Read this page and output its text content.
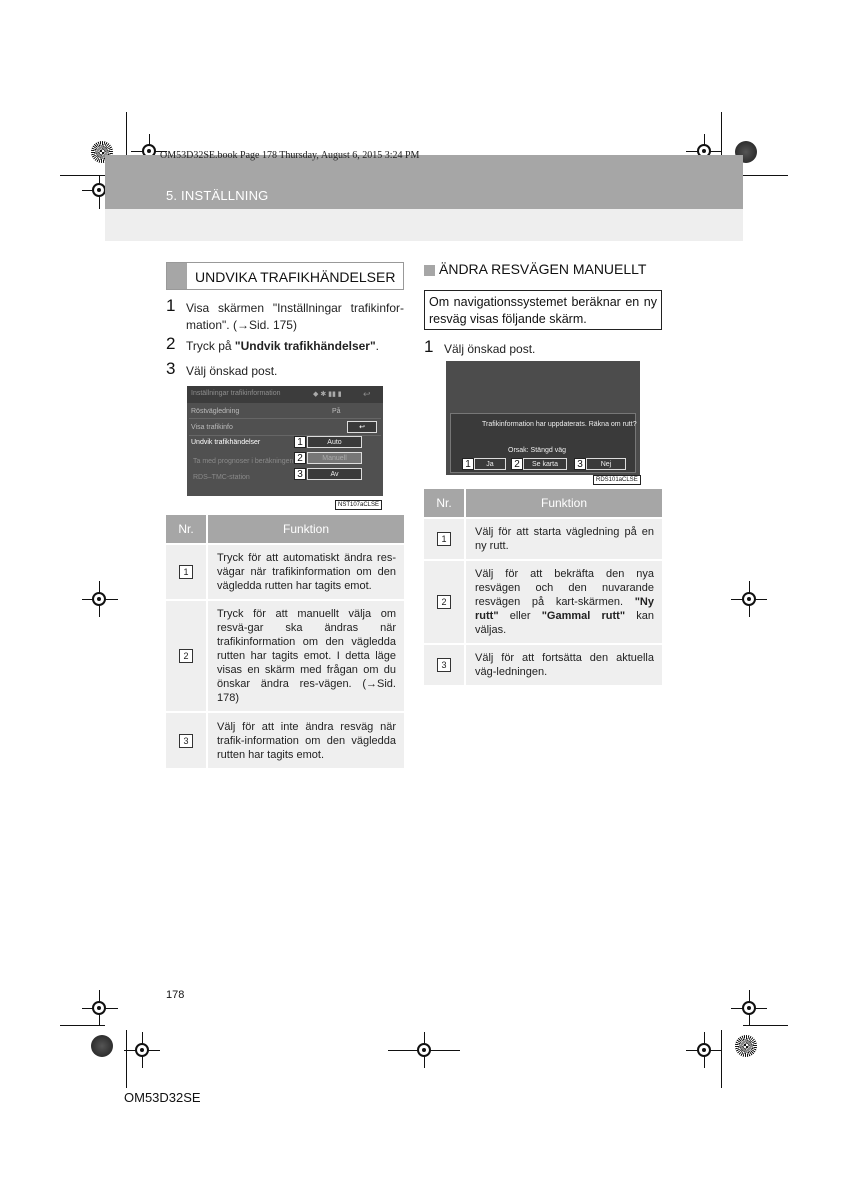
OM53D32SE.book Page 178 Thursday, August 6, 2015 3:24 PM
5. INSTÄLLNING
UNDVIKA TRAFIKHÄNDELSER
1 Visa skärmen "Inställningar trafikinfor-
mation". (→Sid. 175)
2 Tryck på "Undvik trafikhändelser".
3 Välj önskad post.
Inställningar trafikinformation	◆ ✱ ▮▮ ▮ ↩
Röstvägledning	På
Visa trafikinfo	↩
Undvik trafikhändelser
Ta med prognoser i beräkningen
RDS–TMC-station
1	Auto
2	Manuell
3	Av
NST107aCLSE
Nr.	Funktion
1	Tryck för att automatiskt ändra res-vägar när trafikinformation om den vägledda rutten har tagits emot.
2	Tryck för att manuellt välja om resvä-gar ska ändras när trafikinformation om den vägledda rutten har tagits emot. I detta läge visas en skärm med frågan om du önskar ändra res-vägen. (→Sid. 178)
3	Välj för att inte ändra resväg när trafik-information om den vägledda rutten har tagits emot.
ÄNDRA RESVÄGEN MANUELLT
Om navigationssystemet beräknar en ny resväg visas följande skärm.
1 Välj önskad post.
Trafikinformation har uppdaterats. Räkna om rutt?
Orsak: Stängd väg
1	Ja	2	Se karta	3	Nej
RDS101aCLSE
Nr.	Funktion
1	Välj för att starta vägledning på en ny rutt.
2	Välj för att bekräfta den nya resvägen och den nuvarande resvägen på kart-skärmen. "Ny rutt" eller "Gammal rutt" kan väljas.
3	Välj för att fortsätta den aktuella väg-ledningen.
178
OM53D32SE
